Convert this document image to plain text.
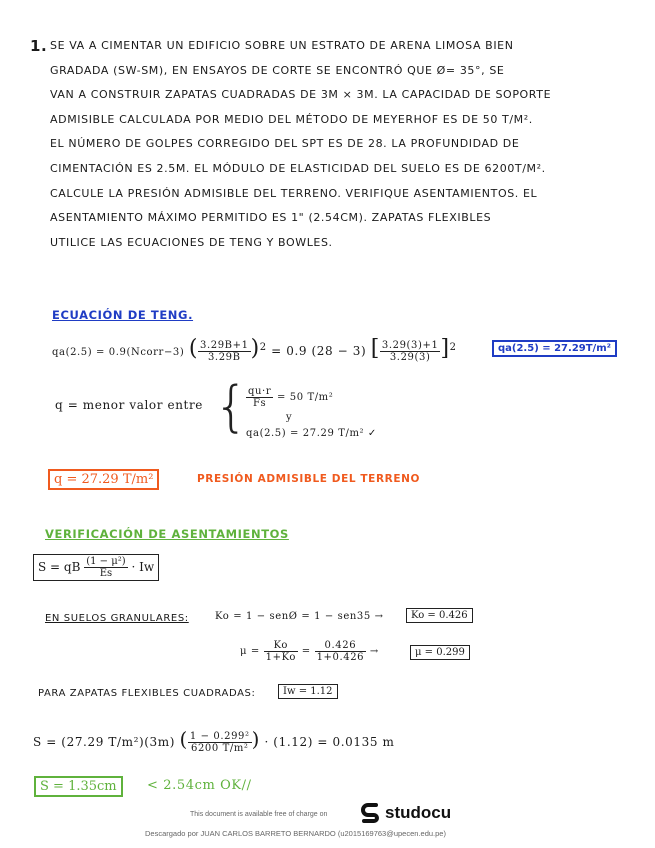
1. SE VA A CIMENTAR UN EDIFICIO SOBRE UN ESTRATO DE ARENA LIMOSA BIEN
GRADADA (SW-SM), EN ENSAYOS DE CORTE SE ENCONTRÓ QUE Ø= 35°, SE
VAN A CONSTRUIR ZAPATAS CUADRADAS DE 3M × 3M. LA CAPACIDAD DE SOPORTE
ADMISIBLE CALCULADA POR MEDIO DEL MÉTODO DE MEYERHOF ES DE 50 T/M².
EL NÚMERO DE GOLPES CORREGIDO DEL SPT ES DE 28. LA PROFUNDIDAD DE
CIMENTACIÓN ES 2.5M. EL MÓDULO DE ELASTICIDAD DEL SUELO ES DE 6200T/M².
CALCULE LA PRESIÓN ADMISIBLE DEL TERRENO. VERIFIQUE ASENTAMIENTOS. EL
ASENTAMIENTO MÁXIMO PERMITIDO ES 1" (2.54CM). ZAPATAS FLEXIBLES
UTILICE LAS ECUACIONES DE TENG Y BOWLES.
ECUACIÓN DE TENG.
qa(2.5) = 0.9(Ncorr−3) ( $\frac{3.29B+1}{3.29B} )^2 = 0.9$ (28 − 3) [ $\frac{3.29(3)+1}{3.29(3)} ]^2$	qa(2.5) = 27.29T/m²
q = menor valor entre {
$\frac{qu\cdot r}{Fs} = 50$ T/m²
y
qa(2.5) = 27.29 T/m² ✓
q = 27.29 T/m²	PRESIÓN ADMISIBLE DEL TERRENO
VERIFICACIÓN DE ASENTAMIENTOS
S = qB $\frac{\text{(1 − μ²)}}{Es} \cdot Iw$
EN SUELOS GRANULARES:	Ko = 1 − senØ = 1 − sen35 →	Ko = 0.426
$\mu = \frac{Ko}{1+Ko} = \frac{0.426}{1+0.426}$ →	μ = 0.299
PARA ZAPATAS FLEXIBLES CUADRADAS:	Iw = 1.12
S = (27.29 T/m²)(3m) ( $\frac{\text{1 − 0.299²}}{\text{6200 T/m²}}$ ) · (1.12) = 0.0135 m
S = 1.35cm	< 2.54cm OK//
This document is available free of charge on	studocu
Descargado por JUAN CARLOS BARRETO BERNARDO (u2015169763@upecen.edu.pe)
